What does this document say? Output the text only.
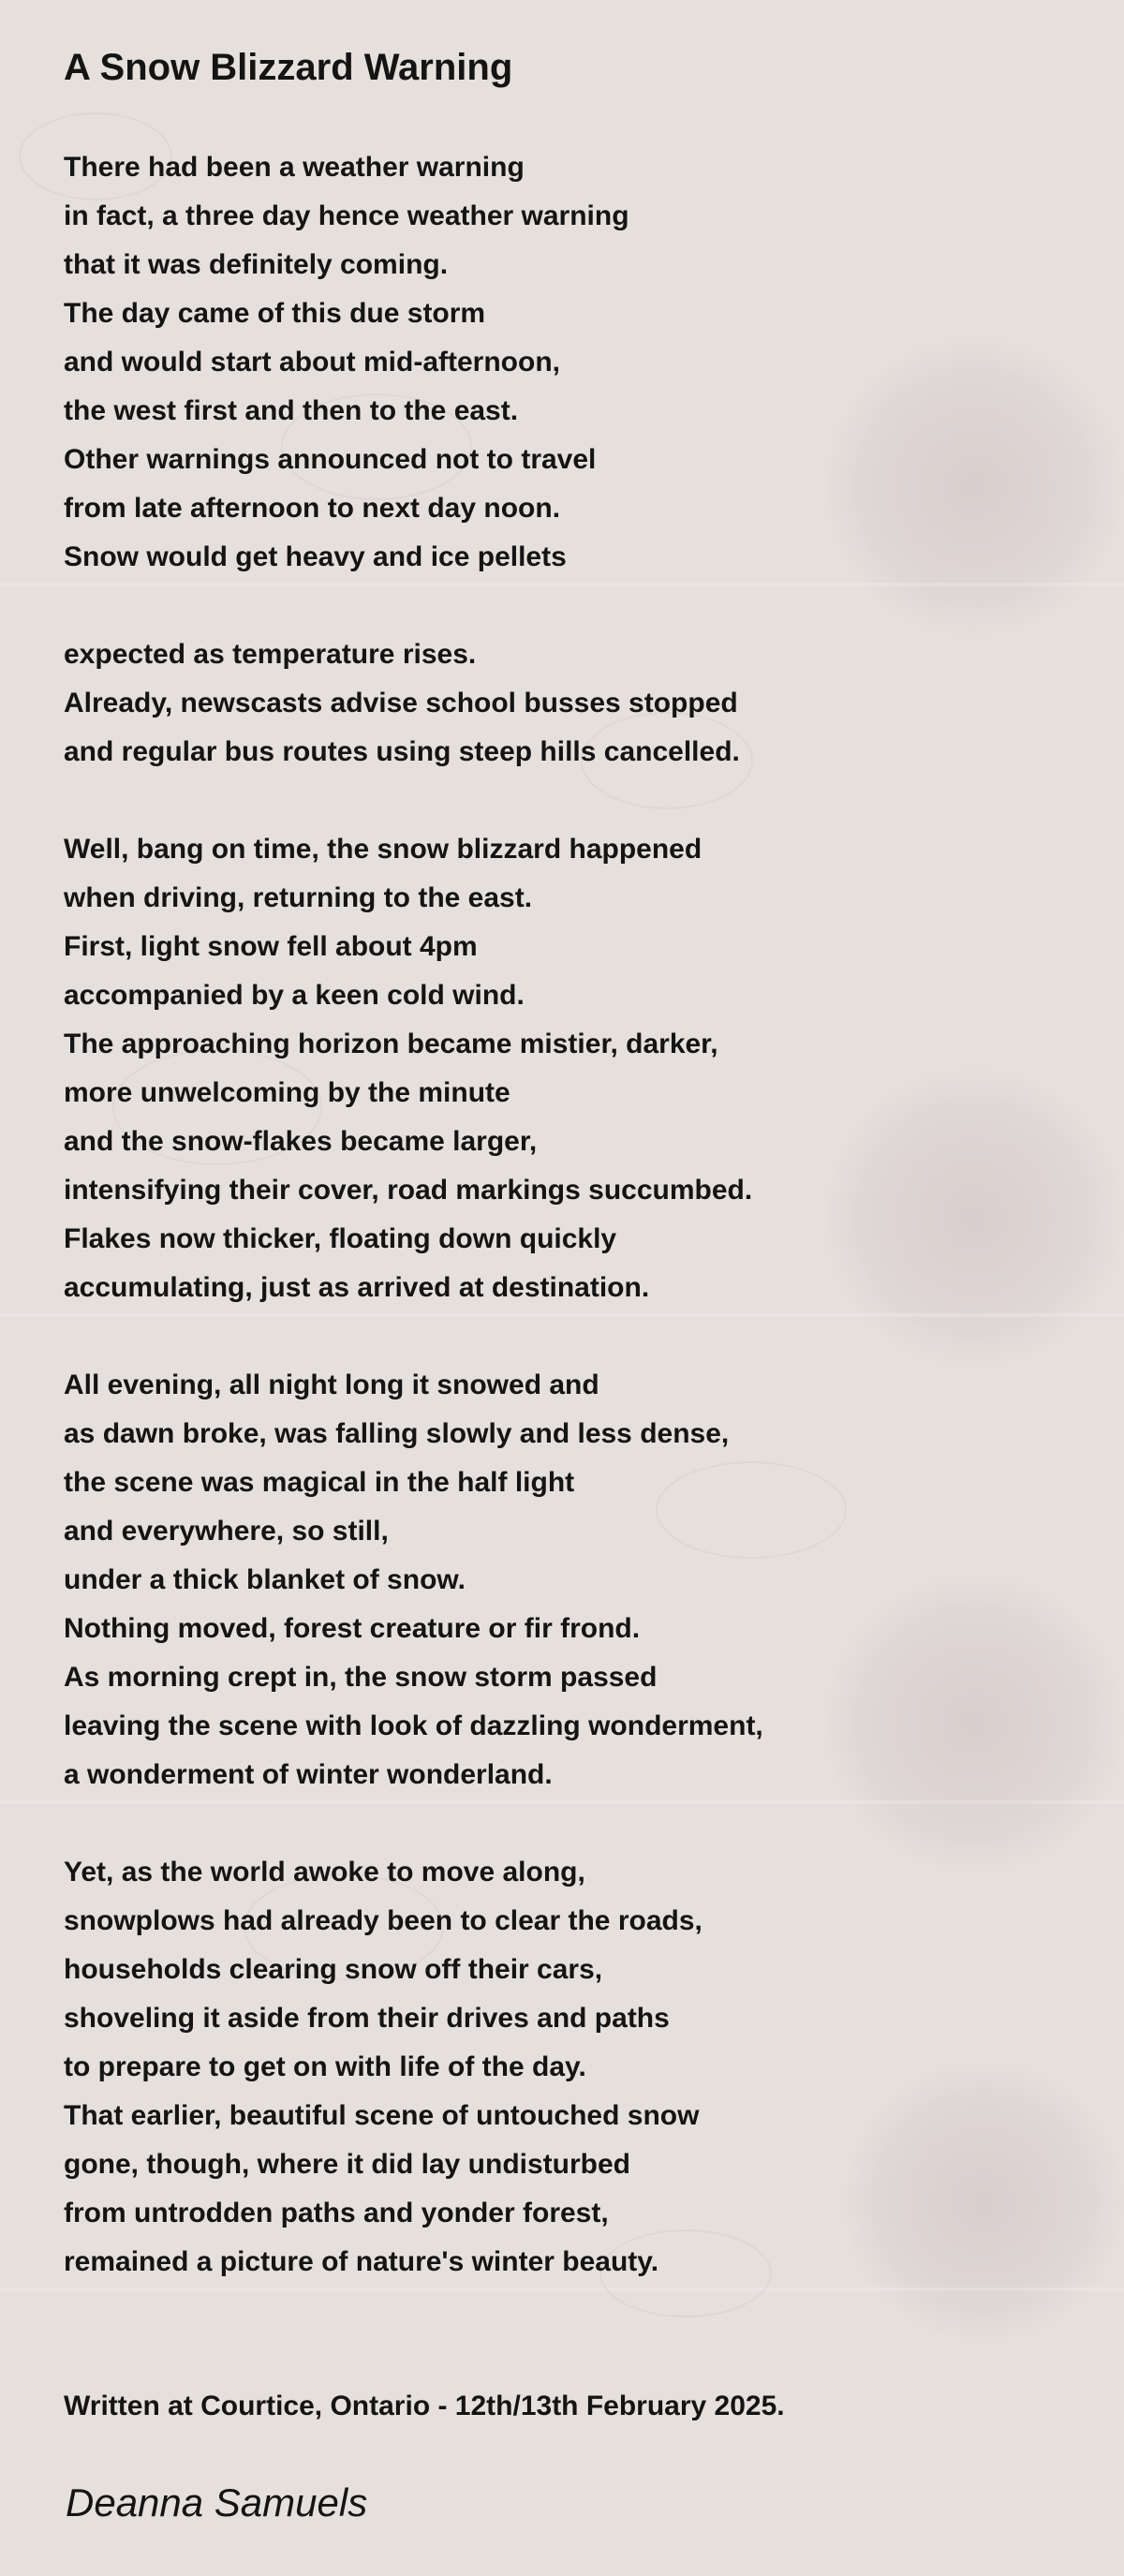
A Snow Blizzard Warning
There had been a weather warning
in fact, a three day hence weather warning
that it was definitely coming.
The day came of this due storm
and would start about mid-afternoon,
the west first and then to the east.
Other warnings announced not to travel
from late afternoon to next day noon.
Snow would get heavy and ice pellets
expected as temperature rises.
Already, newscasts advise school busses stopped
and regular bus routes using steep hills cancelled.
Well, bang on time, the snow blizzard happened
when driving, returning to the east.
First, light snow fell about 4pm
accompanied by a keen cold wind.
The approaching horizon became mistier, darker,
more unwelcoming by the minute
and the snow-flakes became larger,
intensifying their cover, road markings succumbed.
Flakes now thicker, floating down quickly
accumulating, just as arrived at destination.
All evening, all night long it snowed and
as dawn broke, was falling slowly and less dense,
the scene was magical in the half light
and everywhere, so still,
under a thick blanket of snow.
Nothing moved, forest creature or fir frond.
As morning crept in, the snow storm passed
leaving the scene with look of dazzling wonderment,
a wonderment of winter wonderland.
Yet, as the world awoke to move along,
snowplows had already been to clear the roads,
households clearing snow off their cars,
shoveling it aside from their drives and paths
to prepare to get on with life of the day.
That earlier, beautiful scene of untouched snow
gone, though, where it did lay undisturbed
from untrodden paths and yonder forest,
remained a picture of nature's winter beauty.
Written at Courtice, Ontario - 12th/13th February 2025.
Deanna Samuels
